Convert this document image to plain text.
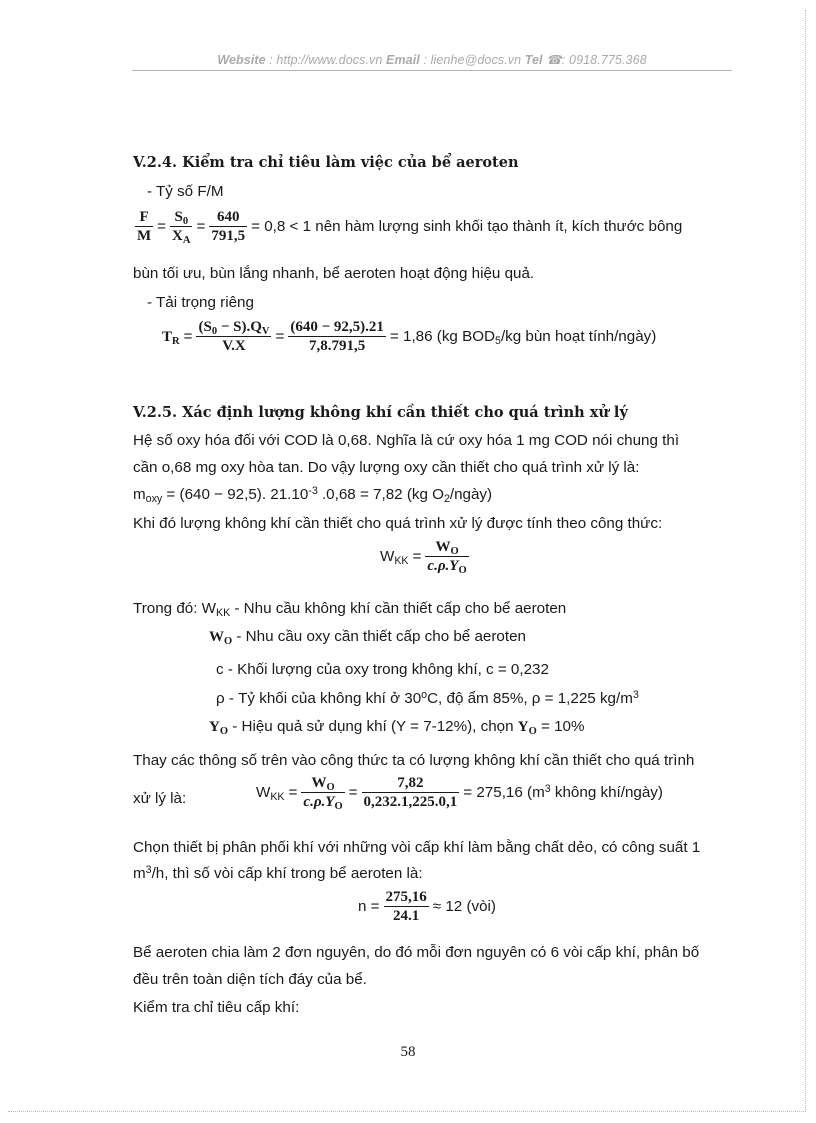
Website : http://www.docs.vn Email : lienhe@docs.vn Tel ☎: 0918.775.368
V.2.4. Kiểm tra chỉ tiêu làm việc của bể aeroten
- Tỷ số F/M
$\frac{F}{M} = \frac{S_0}{X_A} = \frac{640}{791,5} = 0,8 < 1$ nên hàm lượng sinh khối tạo thành ít, kích thước bông
bùn tối ưu, bùn lắng nhanh, bể aeroten hoạt động hiệu quả.
- Tải trọng riêng
$T_R = \frac{(S_0 - S).Q_V}{V.X} = \frac{(640 - 92,5).21}{7,8.791,5} = 1,86$ (kg $BOD_5/kg$ bùn hoạt tính/ngày)
V.2.5. Xác định lượng không khí cần thiết cho quá trình xử lý
Hệ số oxy hóa đối với COD là 0,68. Nghĩa là cứ oxy hóa 1 mg COD nói chung thì
cần o,68 mg oxy hòa tan. Do vậy lượng oxy cần thiết cho quá trình xử lý là:
$m_{oxy} = (640 - 92,5)$. $21.10^{-3}$ .0,68 = 7,82 (kg $O_2/ngày$)
Khi đó lượng không khí cần thiết cho quá trình xử lý được tính theo công thức:
$W_{KK} = \frac{W_O}{c.\rho.Y_O}$
Trong đó: $W_{KK}$ - Nhu cầu không khí cần thiết cấp cho bể aeroten
$W_O$ - Nhu cầu oxy cần thiết cấp cho bể aeroten
c - Khối lượng của oxy trong không khí, c = 0,232
ρ - Tỷ khối của không khí ở 30$^o$C, độ ẩm 85%, ρ = 1,225 $kg/m^3$
$Y_O$ - Hiệu quả sử dụng khí (Y = 7-12%), chọn $Y_O = 10\%$
Thay các thông số trên vào công thức ta có lượng không khí cần thiết cho quá trình
xử lý là:	$W_{KK} = \frac{W_O}{c.\rho.Y_O} = \frac{7,82}{0,232.1,225.0,1} = 275,16$ ($m^3$ không khí/ngày)
Chọn thiết bị phân phối khí với những vòi cấp khí làm bằng chất dẻo, có công suất 1
$m^3/h$, thì số vòi cấp khí trong bể aeroten là:
$n = \frac{275,16}{24.1} \approx 12$ (vòi)
Bể aeroten chia làm 2 đơn nguyên, do đó mỗi đơn nguyên có 6 vòi cấp khí, phân bố
đều trên toàn diện tích đáy của bể.
Kiểm tra chỉ tiêu cấp khí:
58
